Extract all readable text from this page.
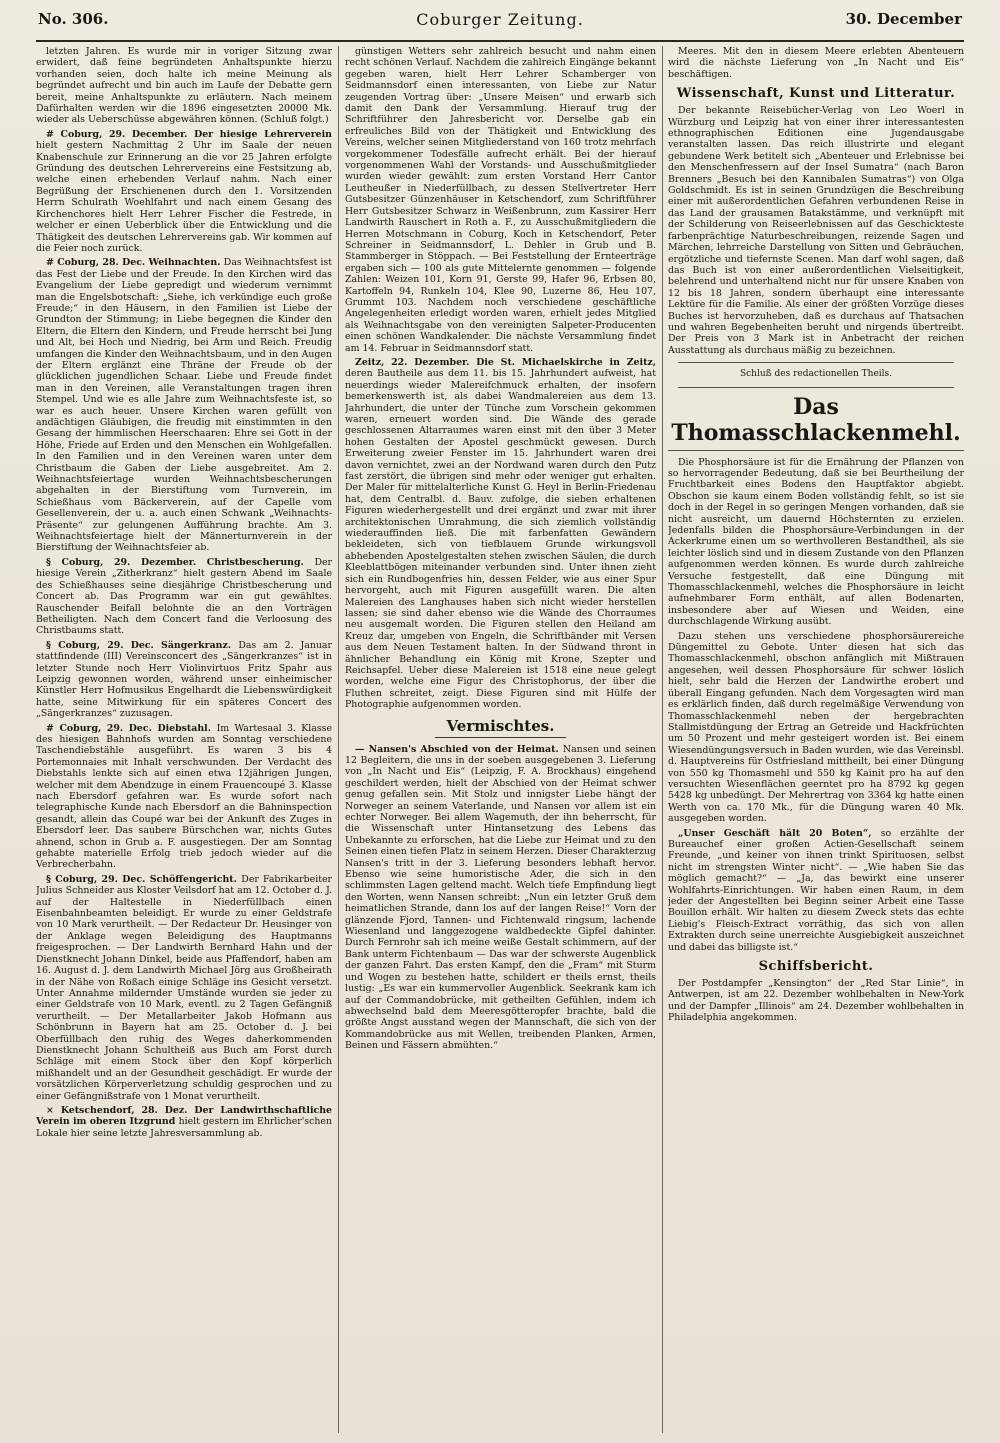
No. 306.	Coburger Zeitung.	30. December

letzten Jahren. Es wurde mir in voriger Sitzung zwar erwidert, daß feine begründeten Anhaltspunkte hierzu vorhanden seien, doch halte ich meine Meinung als begründet aufrecht und bin auch im Laufe der Debatte gern bereit, meine Anhaltspunkte zu erläutern. Nach meinem Dafürhalten werden wir die 1896 eingesetzten 20000 Mk. wieder als Ueberschüsse abgewähren können. (Schluß folgt.)

# Coburg, 29. December. Der hiesige Lehrerverein hielt gestern Nachmittag 2 Uhr im Saale der neuen Knabenschule zur Erinnerung an die vor 25 Jahren erfolgte Gründung des deutschen Lehrervereins eine Festsitzung ab, welche einen erhebenden Verlauf nahm. Nach einer Begrüßung der Erschienenen durch den 1. Vorsitzenden Herrn Schulrath Woehlfahrt und nach einem Gesang des Kirchenchores hielt Herr Lehrer Fischer die Festrede, in welcher er einen Ueberblick über die Entwicklung und die Thätigkeit des deutschen Lehrervereins gab. Wir kommen auf die Feier noch zurück.

# Coburg, 28. Dec. Weihnachten. Das Weihnachtsfest ist das Fest der Liebe und der Freude. In den Kirchen wird das Evangelium der Liebe gepredigt und wiederum vernimmt man die Engelsbotschaft: „Siehe, ich verkündige euch große Freude;“ in den Häusern, in den Familien ist Liebe der Grundton der Stimmung; in Liebe begegnen die Kinder den Eltern, die Eltern den Kindern, und Freude herrscht bei Jung und Alt, bei Hoch und Niedrig, bei Arm und Reich. Freudig umfangen die Kinder den Weihnachtsbaum, und in den Augen der Eltern erglänzt eine Thräne der Freude ob der glücklichen jugendlichen Schaar. Liebe und Freude findet man in den Vereinen, alle Veranstaltungen tragen ihren Stempel. Und wie es alle Jahre zum Weihnachtsfeste ist, so war es auch heuer. Unsere Kirchen waren gefüllt von andächtigen Gläubigen, die freudig mit einstimmten in den Gesang der himmlischen Heerschaaren: Ehre sei Gott in der Höhe, Friede auf Erden und den Menschen ein Wohlgefallen. In den Familien und in den Vereinen waren unter dem Christbaum die Gaben der Liebe ausgebreitet. Am 2. Weihnachtsfeiertage wurden Weihnachtsbescherungen abgehalten in der Bierstiftung vom Turnverein, im Schießhaus vom Bäckerverein, auf der Capelle vom Gesellenverein, der u. a. auch einen Schwank „Weihnachts-Präsente“ zur gelungenen Aufführung brachte. Am 3. Weihnachtsfeiertage hielt der Männerturnverein in der Bierstiftung der Weihnachtsfeier ab.

§ Coburg, 29. Dezember. Christbescherung. Der hiesige Verein „Zitherkranz“ hielt gestern Abend im Saale des Schießhauses seine diesjährige Christbescherung und Concert ab. Das Programm war ein gut gewähltes. Rauschender Beifall belohnte die an den Vorträgen Betheiligten. Nach dem Concert fand die Verloosung des Christbaums statt.

§ Coburg, 29. Dec. Sängerkranz. Das am 2. Januar stattfindende (III) Vereinsconcert des „Sängerkranzes“ ist in letzter Stunde noch Herr Violinvirtuos Fritz Spahr aus Leipzig gewonnen worden, während unser einheimischer Künstler Herr Hofmusikus Engelhardt die Liebenswürdigkeit hatte, seine Mitwirkung für ein späteres Concert des „Sängerkranzes“ zuzusagen.

# Coburg, 29. Dec. Diebstahl. Im Wartesaal 3. Klasse des hiesigen Bahnhofs wurden am Sonntag verschiedene Taschendiebstähle ausgeführt. Es waren 3 bis 4 Portemonnaies mit Inhalt verschwunden. Der Verdacht des Diebstahls lenkte sich auf einen etwa 12jährigen Jungen, welcher mit dem Abendzuge in einem Frauencoupé 3. Klasse nach Ebersdorf gefahren war. Es wurde sofort nach telegraphische Kunde nach Ebersdorf an die Bahninspection gesandt, allein das Coupé war bei der Ankunft des Zuges in Ebersdorf leer. Das saubere Bürschchen war, nichts Gutes ahnend, schon in Grub a. F. ausgestiegen. Der am Sonntag gehabte materielle Erfolg trieb jedoch wieder auf die Verbrecherbahn.

§ Coburg, 29. Dec. Schöffengericht. Der Fabrikarbeiter Julius Schneider aus Kloster Veilsdorf hat am 12. October d. J. auf der Haltestelle in Niederfüllbach einen Eisenbahnbeamten beleidigt. Er wurde zu einer Geldstrafe von 10 Mark verurtheilt. — Der Redacteur Dr. Heusinger von der Anklage wegen Beleidigung des Hauptmanns freigesprochen. — Der Landwirth Bernhard Hahn und der Dienstknecht Johann Dinkel, beide aus Pfaffendorf, haben am 16. August d. J. dem Landwirth Michael Jörg aus Großheirath in der Nähe von Roßach einige Schläge ins Gesicht versetzt. Unter Annahme mildernder Umstände wurden sie jeder zu einer Geldstrafe von 10 Mark, eventl. zu 2 Tagen Gefängniß verurtheilt. — Der Metallarbeiter Jakob Hofmann aus Schönbrunn in Bayern hat am 25. October d. J. bei Oberfüllbach den ruhig des Weges daherkommenden Dienstknecht Johann Schultheiß aus Buch am Forst durch Schläge mit einem Stock über den Kopf körperlich mißhandelt und an der Gesundheit geschädigt. Er wurde der vorsätzlichen Körperverletzung schuldig gesprochen und zu einer Gefängnißstrafe von 1 Monat verurtheilt.

× Ketschendorf, 28. Dez. Der Landwirthschaftliche Verein im oberen Itzgrund hielt gestern im Ehrlicher'schen Lokale hier seine letzte Jahresversammlung ab.

günstigen Wetters sehr zahlreich besucht und nahm einen recht schönen Verlauf. Nachdem die zahlreich Eingänge bekannt gegeben waren, hielt Herr Lehrer Schamberger von Seidmannsdorf einen interessanten, von Liebe zur Natur zeugenden Vortrag über: „Unsere Meisen“ und erwarb sich damit den Dank der Versammlung. Hierauf trug der Schriftführer den Jahresbericht vor. Derselbe gab ein erfreuliches Bild von der Thätigkeit und Entwicklung des Vereins, welcher seinen Mitgliederstand von 160 trotz mehrfach vorgekommener Todesfälle aufrecht erhält. Bei der hierauf vorgenommenen Wahl der Vorstands- und Ausschußmitglieder wurden wieder gewählt: zum ersten Vorstand Herr Cantor Leutheußer in Niederfüllbach, zu dessen Stellvertreter Herr Gutsbesitzer Günzenhäuser in Ketschendorf, zum Schriftführer Herr Gutsbesitzer Schwarz in Weißenbrunn, zum Kassirer Herr Landwirth Rauschert in Roth a. F., zu Ausschußmitgliedern die Herren Motschmann in Coburg, Koch in Ketschendorf, Peter Schreiner in Seidmannsdorf, L. Dehler in Grub und B. Stammberger in Stöppach. — Bei Feststellung der Ernteerträge ergaben sich — 100 als gute Mittelernte genommen — folgende Zahlen: Weizen 101, Korn 91, Gerste 99, Hafer 96, Erbsen 80, Kartoffeln 94, Runkeln 104, Klee 90, Luzerne 86, Heu 107, Grummt 103. Nachdem noch verschiedene geschäftliche Angelegenheiten erledigt worden waren, erhielt jedes Mitglied als Weihnachtsgabe von den vereinigten Salpeter-Producenten einen schönen Wandkalender. Die nächste Versammlung findet am 14. Februar in Seidmannsdorf statt.

Zeitz, 22. Dezember. Die St. Michaelskirche in Zeitz, deren Bautheile aus dem 11. bis 15. Jahrhundert aufweist, hat neuerdings wieder Malereifchmuck erhalten, der insofern bemerkenswerth ist, als dabei Wandmalereien aus dem 13. Jahrhundert, die unter der Tünche zum Vorschein gekommen waren, erneuert worden sind. Die Wände des gerade geschlossenen Altarraumes waren einst mit den über 3 Meter hohen Gestalten der Apostel geschmückt gewesen. Durch Erweiterung zweier Fenster im 15. Jahrhundert waren drei davon vernichtet, zwei an der Nordwand waren durch den Putz fast zerstört, die übrigen sind mehr oder weniger gut erhalten. Der Maler für mittelalterliche Kunst G. Heyl in Berlin-Friedenau hat, dem Centralbl. d. Bauv. zufolge, die sieben erhaltenen Figuren wiederhergestellt und drei ergänzt und zwar mit ihrer architektonischen Umrahmung, die sich ziemlich vollständig wiederauffinden ließ. Die mit farbenfatten Gewändern bekleideten, sich von tiefblauem Grunde wirkungsvoll abhebenden Apostelgestalten stehen zwischen Säulen, die durch Kleeblattbögen miteinander verbunden sind. Unter ihnen zieht sich ein Rundbogenfries hin, dessen Felder, wie aus einer Spur hervorgeht, auch mit Figuren ausgefüllt waren. Die alten Malereien des Langhauses haben sich nicht wieder herstellen lassen; sie sind daher ebenso wie die Wände des Chorraumes neu ausgemalt worden. Die Figuren stellen den Heiland am Kreuz dar, umgeben von Engeln, die Schriftbänder mit Versen aus dem Neuen Testament halten. In der Südwand thront in ähnlicher Behandlung ein König mit Krone, Szepter und Reichsapfel. Ueber diese Malereien ist 1518 eine neue gelegt worden, welche eine Figur des Christophorus, der über die Fluthen schreitet, zeigt. Diese Figuren sind mit Hülfe der Photographie aufgenommen worden.

Vermischtes.

— Nansen's Abschied von der Heimat. Nansen und seinen 12 Begleitern, die uns in der soeben ausgegebenen 3. Lieferung von „In Nacht und Eis“ (Leipzig, F. A. Brockhaus) eingehend geschildert werden, hielt der Abschied von der Heimat schwer genug gefallen sein. Mit Stolz und innigster Liebe hängt der Norweger an seinem Vaterlande, und Nansen vor allem ist ein echter Norweger. Bei allem Wagemuth, der ihn beherrscht, für die Wissenschaft unter Hintansetzung des Lebens das Unbekannte zu erforschen, hat die Liebe zur Heimat und zu den Seinen einen tiefen Platz in seinem Herzen. Dieser Charakterzug Nansen's tritt in der 3. Lieferung besonders lebhaft hervor. Ebenso wie seine humoristische Ader, die sich in den schlimmsten Lagen geltend macht. Welch tiefe Empfindung liegt den Worten, wenn Nansen schreibt: „Nun ein letzter Gruß dem heimatlichen Strande, dann los auf der langen Reise!“ Vorn der glänzende Fjord, Tannen- und Fichtenwald ringsum, lachende Wiesenland und langgezogene waldbedeckte Gipfel dahinter. Durch Fernrohr sah ich meine weiße Gestalt schimmern, auf der Bank unterm Fichtenbaum — Das war der schwerste Augenblick der ganzen Fahrt. Das ersten Kampf, den die „Fram“ mit Sturm und Wogen zu bestehen hatte, schildert er theils ernst, theils lustig: „Es war ein kummervoller Augenblick. Seekrank kam ich auf der Commandobrücke, mit getheilten Gefühlen, indem ich abwechselnd bald dem Meeresgötteropfer brachte, bald die größte Angst ausstand wegen der Mannschaft, die sich von der Kommandobrücke aus mit Wellen, treibenden Planken, Armen, Beinen und Fässern abmühten.“

Meeres. Mit den in diesem Meere erlebten Abenteuern wird die nächste Lieferung von „In Nacht und Eis“ beschäftigen.

Wissenschaft, Kunst und Litteratur.

Der bekannte Reisebücher-Verlag von Leo Woerl in Würzburg und Leipzig hat von einer ihrer interessantesten ethnographischen Editionen eine Jugendausgabe veranstalten lassen. Das reich illustrirte und elegant gebundene Werk betitelt sich „Abenteuer und Erlebnisse bei den Menschenfressern auf der Insel Sumatra“ (nach Baron Brenners „Besuch bei den Kannibalen Sumatras“) von Olga Goldschmidt. Es ist in seinen Grundzügen die Beschreibung einer mit außerordentlichen Gefahren verbundenen Reise in das Land der grausamen Batakstämme, und verknüpft mit der Schilderung von Reiseerlebnissen auf das Geschickteste farbenprächtige Naturbeschreibungen, reizende Sagen und Märchen, lehrreiche Darstellung von Sitten und Gebräuchen, ergötzliche und tiefernste Scenen. Man darf wohl sagen, daß das Buch ist von einer außerordentlichen Vielseitigkeit, belehrend und unterhaltend nicht nur für unsere Knaben von 12 bis 18 Jahren, sondern überhaupt eine interessante Lektüre für die Familie. Als einer der größten Vorzüge dieses Buches ist hervorzuheben, daß es durchaus auf Thatsachen und wahren Begebenheiten beruht und nirgends übertreibt. Der Preis von 3 Mark ist in Anbetracht der reichen Ausstattung als durchaus mäßig zu bezeichnen.

Schluß des redactionellen Theils.

Das Thomasschlackenmehl.

Die Phosphorsäure ist für die Ernährung der Pflanzen von so hervorragender Bedeutung, daß sie bei Beurtheilung der Fruchtbarkeit eines Bodens den Hauptfaktor abgiebt. Obschon sie kaum einem Boden vollständig fehlt, so ist sie doch in der Regel in so geringen Mengen vorhanden, daß sie nicht ausreicht, um dauernd Höchsternten zu erzielen. Jedenfalls bilden die Phosphorsäure-Verbindungen in der Ackerkrume einen um so werthvolleren Bestandtheil, als sie leichter löslich sind und in diesem Zustande von den Pflanzen aufgenommen werden können. Es wurde durch zahlreiche Versuche festgestellt, daß eine Düngung mit Thomasschlackenmehl, welches die Phosphorsäure in leicht aufnehmbarer Form enthält, auf allen Bodenarten, insbesondere aber auf Wiesen und Weiden, eine durchschlagende Wirkung ausübt.

Dazu stehen uns verschiedene phosphorsäurereiche Düngemittel zu Gebote. Unter diesen hat sich das Thomasschlackenmehl, obschon anfänglich mit Mißtrauen angesehen, weil dessen Phosphorsäure für schwer löslich hielt, sehr bald die Herzen der Landwirthe erobert und überall Eingang gefunden. Nach dem Vorgesagten wird man es erklärlich finden, daß durch regelmäßige Verwendung von Thomasschlackenmehl neben der hergebrachten Stallmistdüngung der Ertrag an Getreide und Hackfrüchten um 50 Prozent und mehr gesteigert worden ist. Bei einem Wiesendüngungsversuch in Baden wurden, wie das Vereinsbl. d. Hauptvereins für Ostfriesland mittheilt, bei einer Düngung von 550 kg Thomasmehl und 550 kg Kainit pro ha auf den versuchten Wiesenflächen geerntet pro ha 8792 kg gegen 5428 kg unbedüngt. Der Mehrertrag von 3364 kg hatte einen Werth von ca. 170 Mk., für die Düngung waren 40 Mk. ausgegeben worden.

„Unser Geschäft hält 20 Boten“, so erzählte der Bureauchef einer großen Actien-Gesellschaft seinem Freunde, „und keiner von ihnen trinkt Spirituosen, selbst nicht im strengsten Winter nicht“. — „Wie haben Sie das möglich gemacht?“ — „Ja, das bewirkt eine unserer Wohlfahrts-Einrichtungen. Wir haben einen Raum, in dem jeder der Angestellten bei Beginn seiner Arbeit eine Tasse Bouillon erhält. Wir halten zu diesem Zweck stets das echte Liebig's Fleisch-Extract vorräthig, das sich von allen Extrakten durch seine unerreichte Ausgiebigkeit auszeichnet und dabei das billigste ist.“

Schiffsbericht.

Der Postdampfer „Kensington“ der „Red Star Linie“, in Antwerpen, ist am 22. Dezember wohlbehalten in New-York und der Dampfer „Illinois“ am 24. Dezember wohlbehalten in Philadelphia angekommen.
